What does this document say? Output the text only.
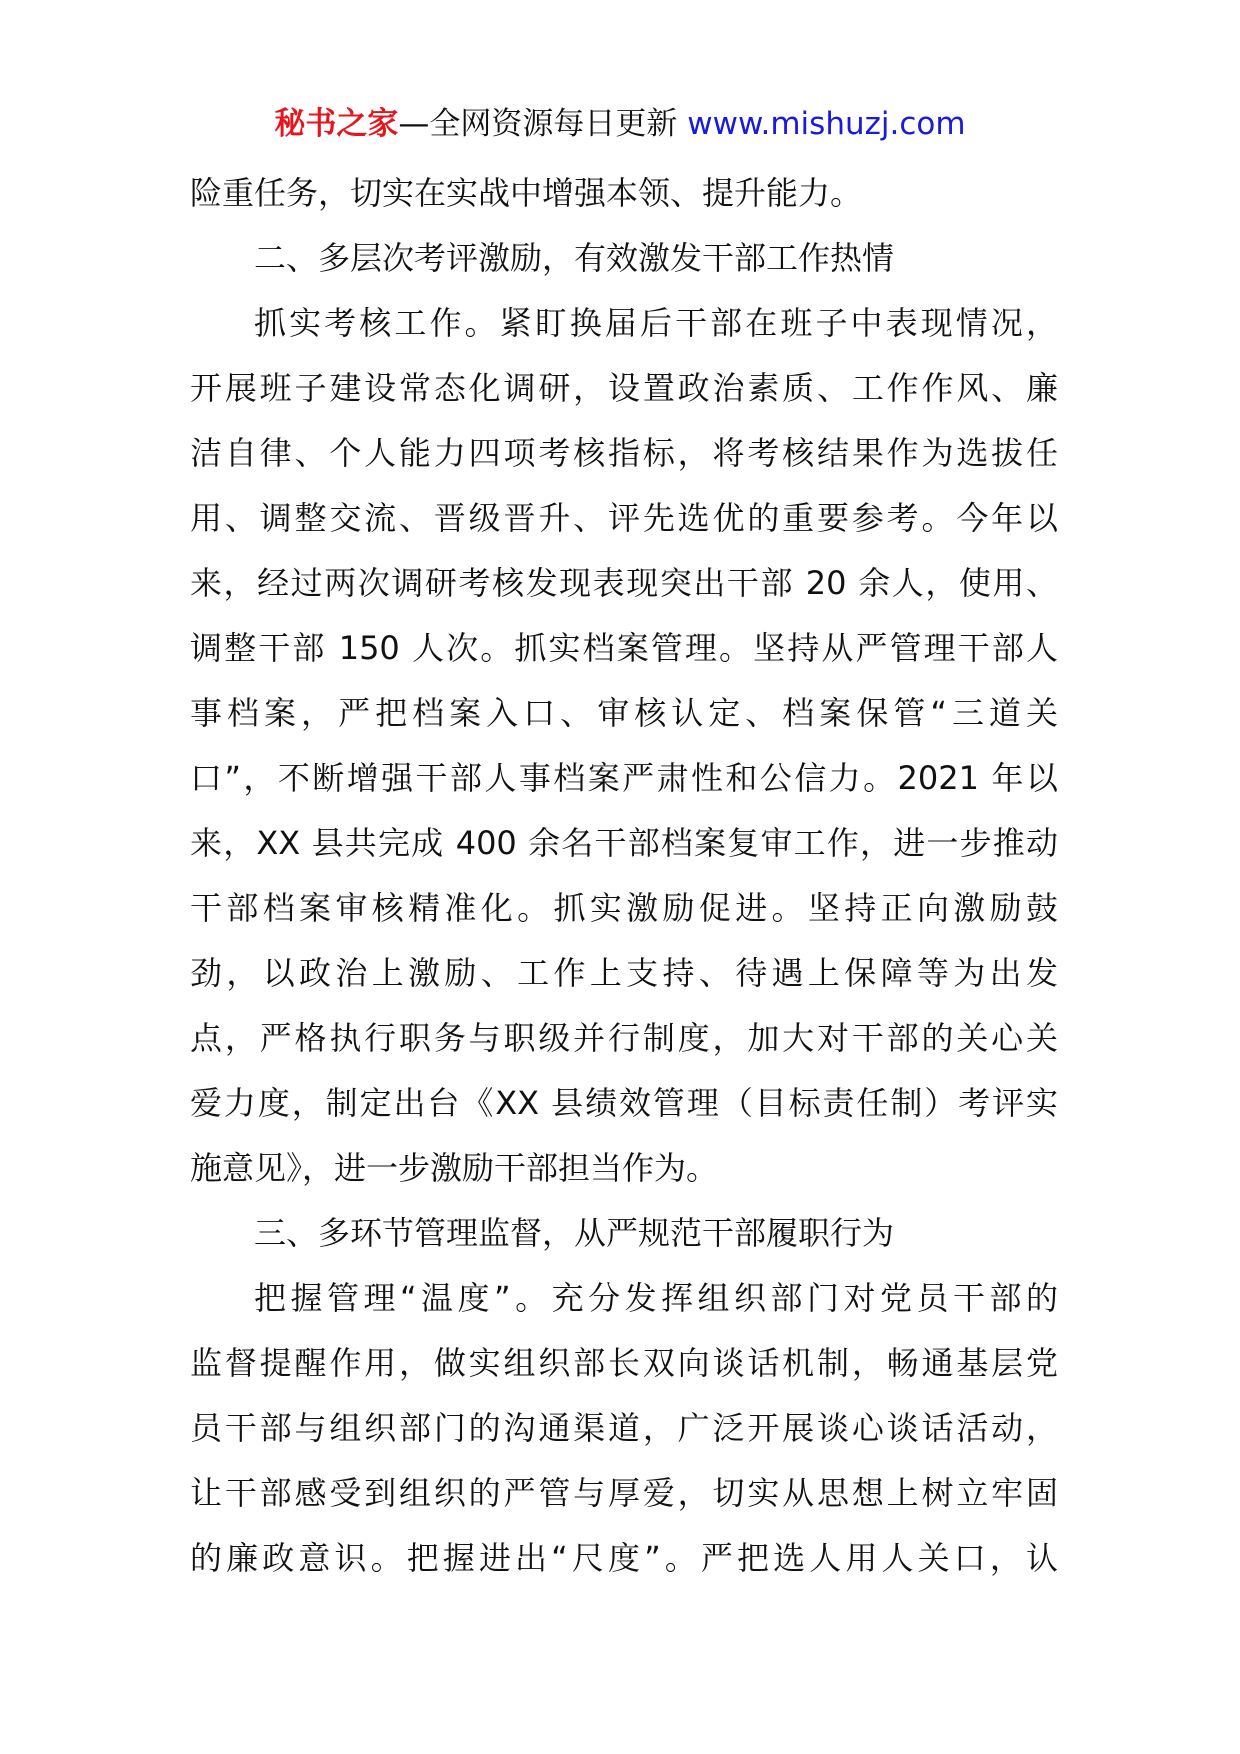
秘书之家—全网资源每日更新 www.mishuzj.com
险重任务，切实在实战中增强本领、提升能力。
二、多层次考评激励，有效激发干部工作热情
抓实考核工作。紧盯换届后干部在班子中表现情况，
开展班子建设常态化调研，设置政治素质、工作作风、廉
洁自律、个人能力四项考核指标，将考核结果作为选拔任
用、调整交流、晋级晋升、评先选优的重要参考。今年以
来，经过两次调研考核发现表现突出干部 20 余人，使用、
调整干部 150 人次。抓实档案管理。坚持从严管理干部人
事档案，严把档案入口、审核认定、档案保管“三道关
口”，不断增强干部人事档案严肃性和公信力。2021 年以
来，XX 县共完成 400 余名干部档案复审工作，进一步推动
干部档案审核精准化。抓实激励促进。坚持正向激励鼓
劲，以政治上激励、工作上支持、待遇上保障等为出发
点，严格执行职务与职级并行制度，加大对干部的关心关
爱力度，制定出台《XX 县绩效管理（目标责任制）考评实
施意见》，进一步激励干部担当作为。
三、多环节管理监督，从严规范干部履职行为
把握管理“温度”。充分发挥组织部门对党员干部的
监督提醒作用，做实组织部长双向谈话机制，畅通基层党
员干部与组织部门的沟通渠道，广泛开展谈心谈话活动，
让干部感受到组织的严管与厚爱，切实从思想上树立牢固
的廉政意识。把握进出“尺度”。严把选人用人关口，认
